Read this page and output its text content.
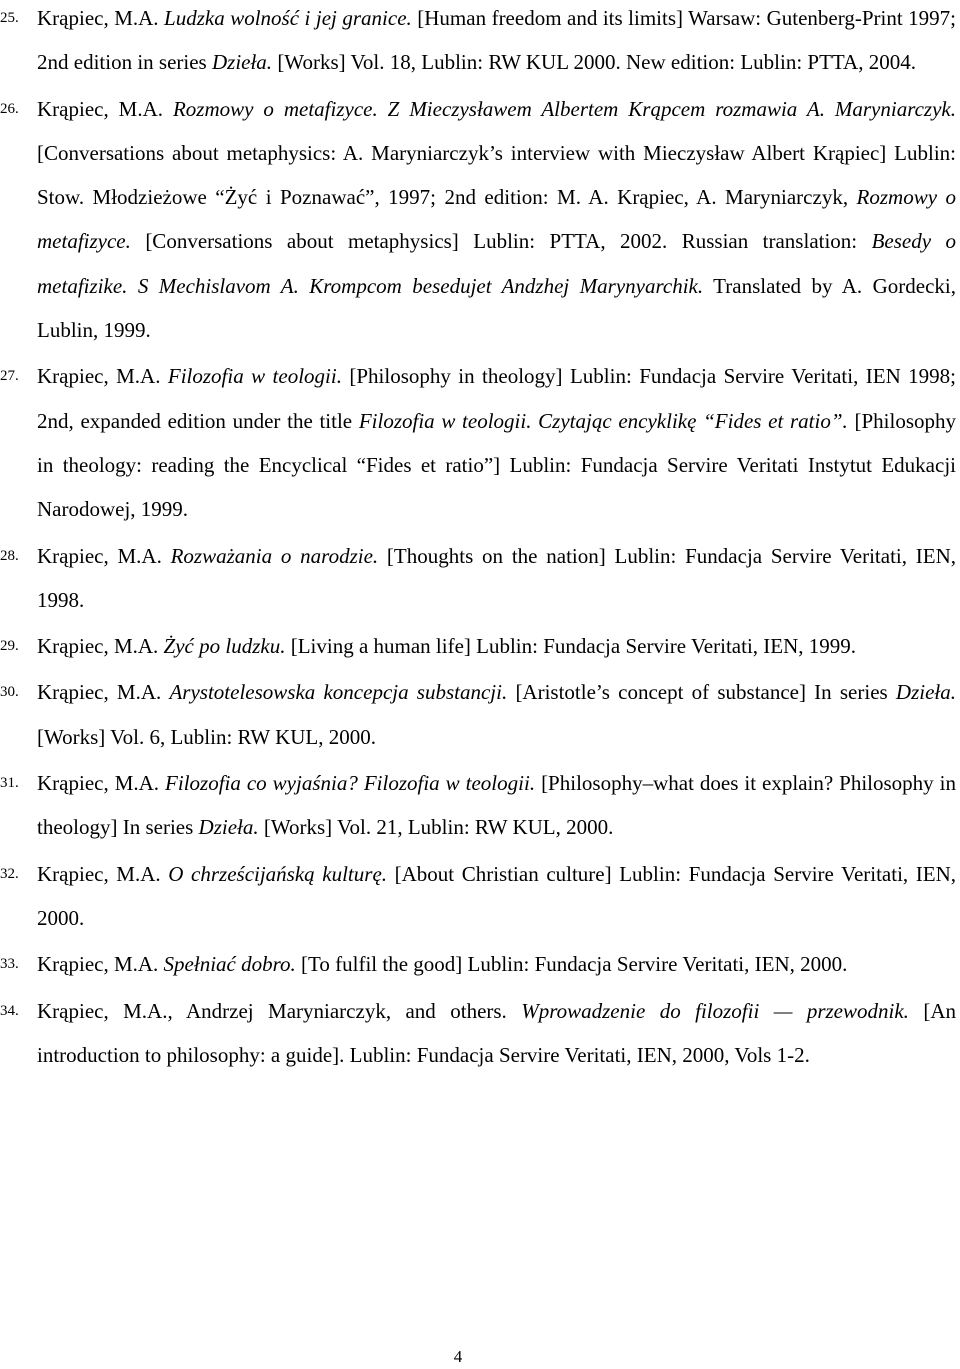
25. Krąpiec, M.A. Ludzka wolność i jej granice. [Human freedom and its limits] Warsaw: Gutenberg-Print 1997; 2nd edition in series Dzieła. [Works] Vol. 18, Lublin: RW KUL 2000. New edition: Lublin: PTTA, 2004.
26. Krąpiec, M.A. Rozmowy o metafizyce. Z Mieczysławem Albertem Krąpcem rozmawia A. Maryniarczyk. [Conversations about metaphysics: A. Maryniarczyk’s interview with Mieczysław Albert Krąpiec] Lublin: Stow. Młodzieżowe “Żyć i Poznawać”, 1997; 2nd edition: M. A. Krąpiec, A. Maryniarczyk, Rozmowy o metafizyce. [Conversations about metaphysics] Lublin: PTTA, 2002. Russian translation: Besedy o metafizike. S Mechislavom A. Krompcom besedujet Andzhej Marynyarchik. Translated by A. Gordecki, Lublin, 1999.
27. Krąpiec, M.A. Filozofia w teologii. [Philosophy in theology] Lublin: Fundacja Servire Veritati, IEN 1998; 2nd, expanded edition under the title Filozofia w teologii. Czytając encyklikę “Fides et ratio”. [Philosophy in theology: reading the Encyclical “Fides et ratio”] Lublin: Fundacja Servire Veritati Instytut Edukacji Narodowej, 1999.
28. Krąpiec, M.A. Rozważania o narodzie. [Thoughts on the nation] Lublin: Fundacja Servire Veritati, IEN, 1998.
29. Krąpiec, M.A. Żyć po ludzku. [Living a human life] Lublin: Fundacja Servire Veritati, IEN, 1999.
30. Krąpiec, M.A. Arystotelesowska koncepcja substancji. [Aristotle’s concept of substance] In series Dzieła. [Works] Vol. 6, Lublin: RW KUL, 2000.
31. Krąpiec, M.A. Filozofia co wyjaśnia? Filozofia w teologii. [Philosophy–what does it explain? Philosophy in theology] In series Dzieła. [Works] Vol. 21, Lublin: RW KUL, 2000.
32. Krąpiec, M.A. O chrześcijańską kulturę. [About Christian culture] Lublin: Fundacja Servire Veritati, IEN, 2000.
33. Krąpiec, M.A. Spełniać dobro. [To fulfil the good] Lublin: Fundacja Servire Veritati, IEN, 2000.
34. Krąpiec, M.A., Andrzej Maryniarczyk, and others. Wprowadzenie do filozofii — przewodnik. [An introduction to philosophy: a guide]. Lublin: Fundacja Servire Veritati, IEN, 2000, Vols 1-2.
4
